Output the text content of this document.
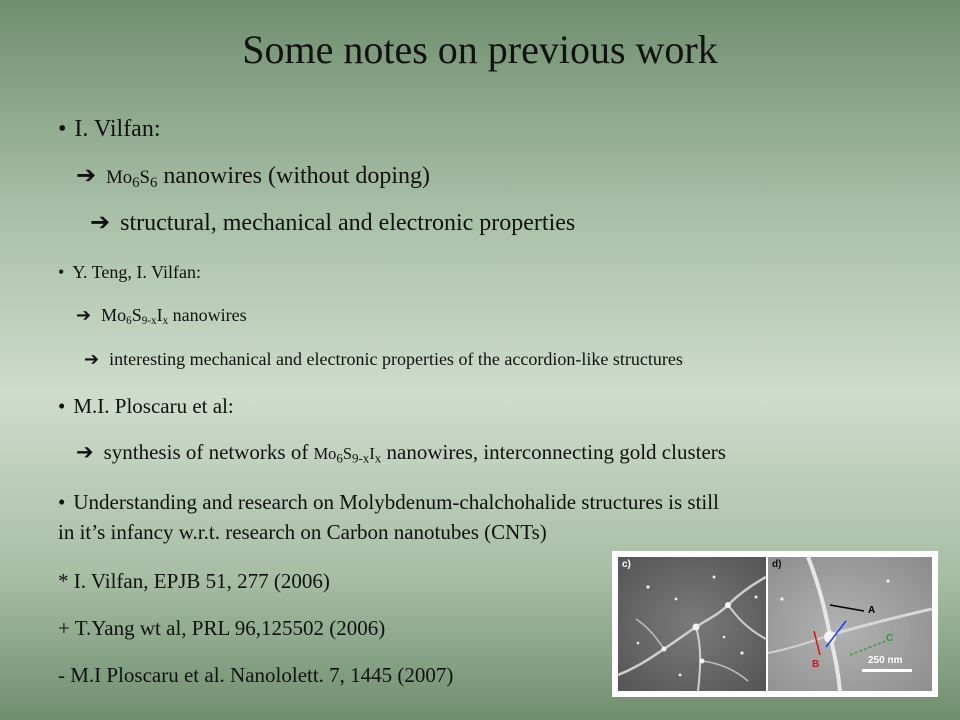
Some notes on previous work
• I. Vilfan:
➔ $Mo_6S_6$ nanowires (without doping)
➔ structural, mechanical and electronic properties
• Y. Teng, I. Vilfan:
➔ $Mo_6S_{9-x}I_x$ nanowires
➔ interesting mechanical and electronic properties of the accordion-like structures
• M.I. Ploscaru et al:
➔ synthesis of networks of $Mo_6S_{9-x}I_x$ nanowires, interconnecting gold clusters
• Understanding and research on Molybdenum-chalchohalide structures is still
in it’s infancy w.r.t. research on Carbon nanotubes (CNTs)
* I. Vilfan, EPJB 51, 277 (2006)
+ T.Yang wt al, PRL 96,125502 (2006)
- M.I Ploscaru et al. Nanololett. 7, 1445 (2007)
c)	d)
A
B
C
250 nm
